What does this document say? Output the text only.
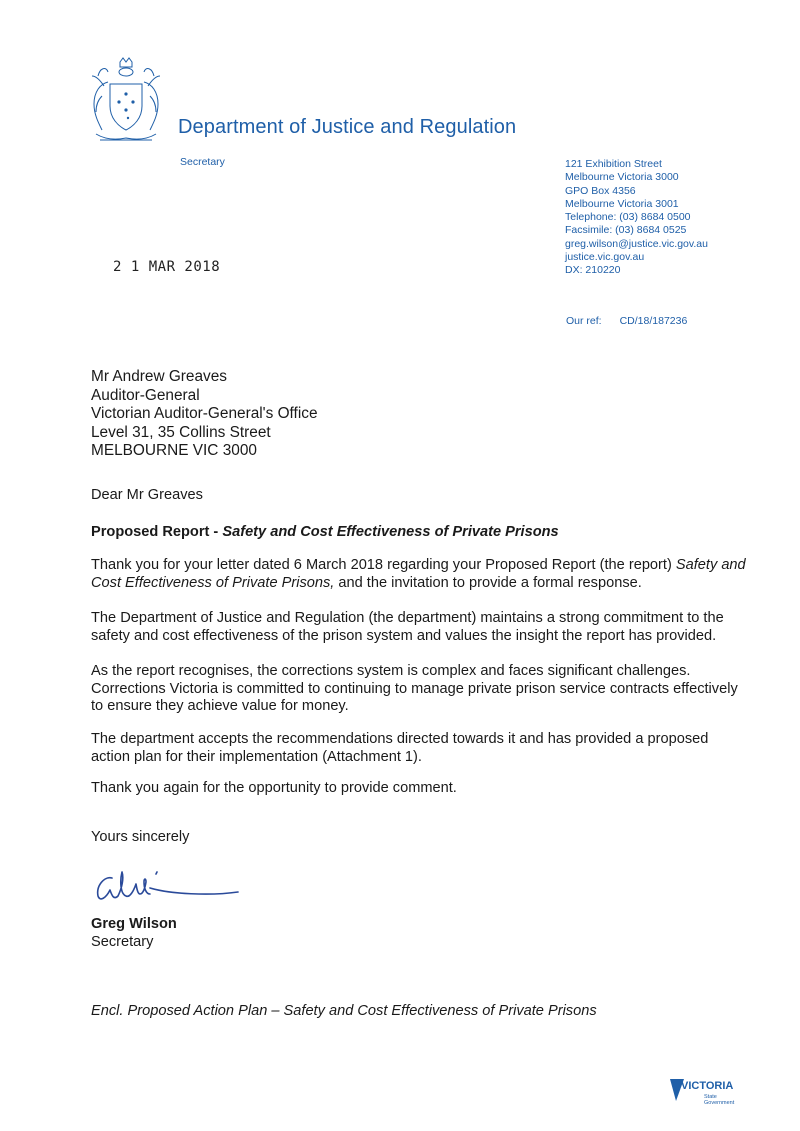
Department of Justice and Regulation
Secretary	121 Exhibition Street
Melbourne Victoria 3000
GPO Box 4356
Melbourne Victoria 3001
Telephone: (03) 8684 0500
Facsimile: (03) 8684 0525
greg.wilson@justice.vic.gov.au
justice.vic.gov.au
DX: 210220
2 1 MAR 2018
Our ref: CD/18/187236
Mr Andrew Greaves
Auditor-General
Victorian Auditor-General's Office
Level 31, 35 Collins Street
MELBOURNE VIC 3000
Dear Mr Greaves
Proposed Report - Safety and Cost Effectiveness of Private Prisons
Thank you for your letter dated 6 March 2018 regarding your Proposed Report (the report) Safety and Cost Effectiveness of Private Prisons, and the invitation to provide a formal response.
The Department of Justice and Regulation (the department) maintains a strong commitment to the safety and cost effectiveness of the prison system and values the insight the report has provided.
As the report recognises, the corrections system is complex and faces significant challenges. Corrections Victoria is committed to continuing to manage private prison service contracts effectively to ensure they achieve value for money.
The department accepts the recommendations directed towards it and has provided a proposed action plan for their implementation (Attachment 1).
Thank you again for the opportunity to provide comment.
Yours sincerely
Greg Wilson
Secretary
Encl. Proposed Action Plan – Safety and Cost Effectiveness of Private Prisons
VICTORIA
State
Government
